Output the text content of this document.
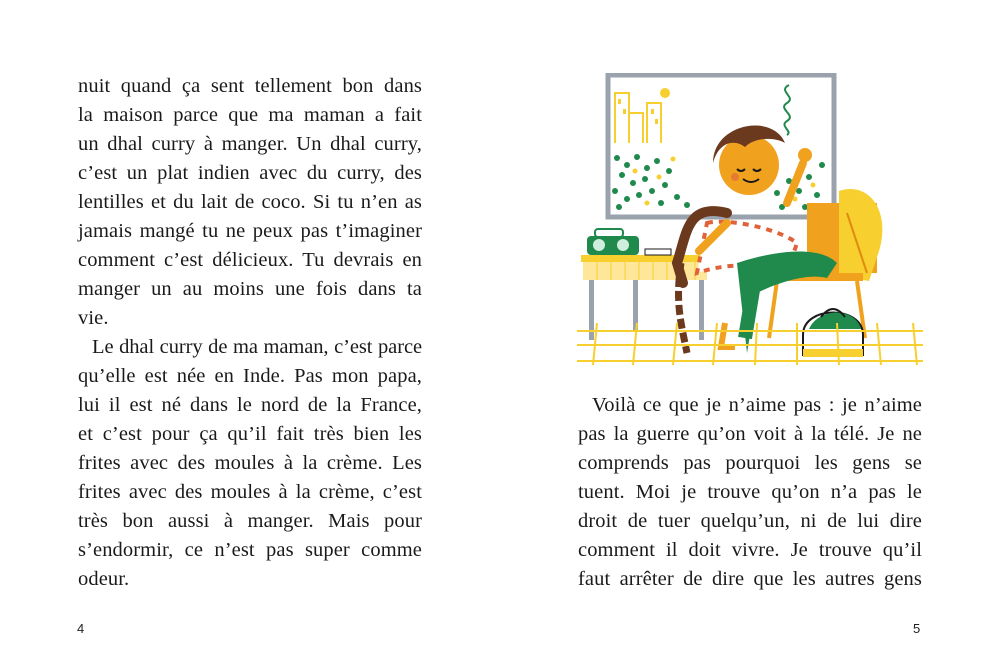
nuit quand ça sent tellement bon dans
la maison parce que ma maman a fait
un dhal curry à manger. Un dhal curry,
c’est un plat indien avec du curry, des
lentilles et du lait de coco. Si tu n’en as
jamais mangé tu ne peux pas t’imaginer
comment c’est délicieux. Tu devrais en
manger un au moins une fois dans ta
vie.

Le dhal curry de ma maman, c’est parce
qu’elle est née en Inde. Pas mon papa,
lui il est né dans le nord de la France,
et c’est pour ça qu’il fait très bien les
frites avec des moules à la crème. Les
frites avec des moules à la crème, c’est
très bon aussi à manger. Mais pour
s’endormir, ce n’est pas super comme
odeur.

4

Voilà ce que je n’aime pas : je n’aime
pas la guerre qu’on voit à la télé. Je ne
comprends pas pourquoi les gens se
tuent. Moi je trouve qu’on n’a pas le
droit de tuer quelqu’un, ni de lui dire
comment il doit vivre. Je trouve qu’il
faut arrêter de dire que les autres gens

5
